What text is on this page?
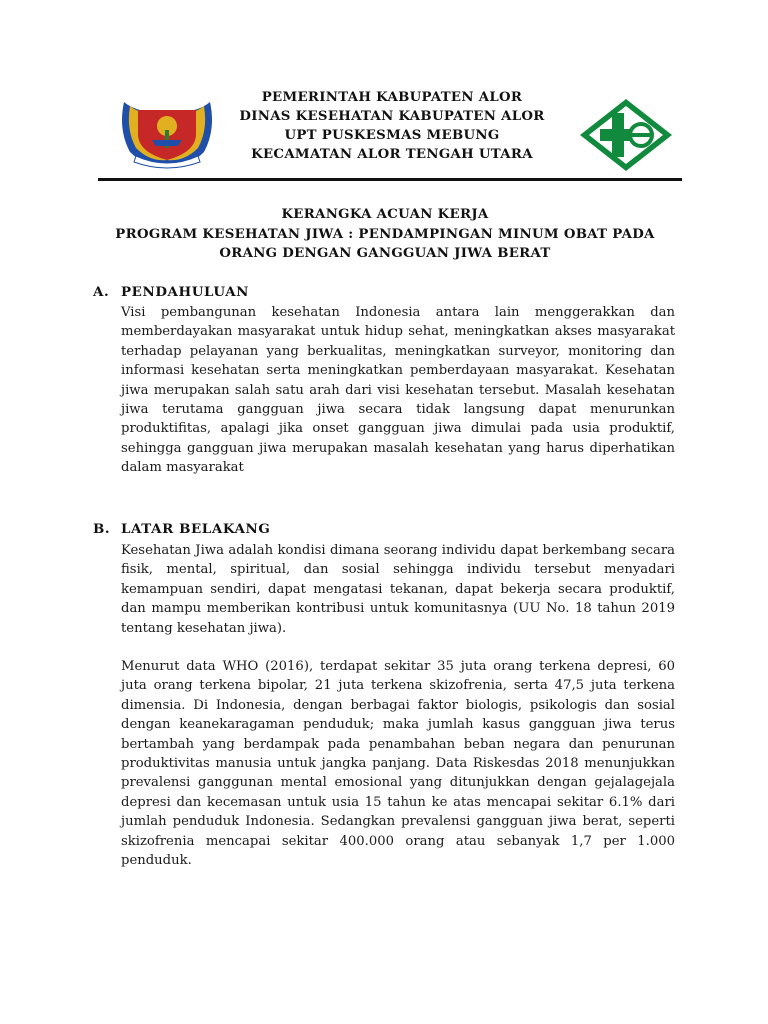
PEMERINTAH KABUPATEN ALOR
DINAS KESEHATAN KABUPATEN ALOR
UPT PUSKESMAS MEBUNG
KECAMATAN ALOR TENGAH UTARA
KERANGKA ACUAN KERJA
PROGRAM KESEHATAN JIWA : PENDAMPINGAN MINUM OBAT PADA
ORANG DENGAN GANGGUAN JIWA BERAT
A. PENDAHULUAN

Visi pembangunan kesehatan Indonesia antara lain menggerakkan dan memberdayakan masyarakat untuk hidup sehat, meningkatkan akses masyarakat terhadap pelayanan yang berkualitas, meningkatkan surveyor, monitoring dan informasi kesehatan serta meningkatkan pemberdayaan masyarakat. Kesehatan jiwa merupakan salah satu arah dari visi kesehatan tersebut. Masalah kesehatan jiwa terutama gangguan jiwa secara tidak langsung dapat menurunkan produktifitas, apalagi jika onset gangguan jiwa dimulai pada usia produktif, sehingga gangguan jiwa merupakan masalah kesehatan yang harus diperhatikan dalam masyarakat

B. LATAR BELAKANG

Kesehatan Jiwa adalah kondisi dimana seorang individu dapat berkembang secara fisik, mental, spiritual, dan sosial sehingga individu tersebut menyadari kemampuan sendiri, dapat mengatasi tekanan, dapat bekerja secara produktif, dan mampu memberikan kontribusi untuk komunitasnya (UU No. 18 tahun 2019 tentang kesehatan jiwa).

Menurut data WHO (2016), terdapat sekitar 35 juta orang terkena depresi, 60 juta orang terkena bipolar, 21 juta terkena skizofrenia, serta 47,5 juta terkena dimensia. Di Indonesia, dengan berbagai faktor biologis, psikologis dan sosial dengan keanekaragaman penduduk; maka jumlah kasus gangguan jiwa terus bertambah yang berdampak pada penambahan beban negara dan penurunan produktivitas manusia untuk jangka panjang. Data Riskesdas 2018 menunjukkan prevalensi ganggunan mental emosional yang ditunjukkan dengan gejalagejala depresi dan kecemasan untuk usia 15 tahun ke atas mencapai sekitar 6.1% dari jumlah penduduk Indonesia. Sedangkan prevalensi gangguan jiwa berat, seperti skizofrenia mencapai sekitar 400.000 orang atau sebanyak 1,7 per 1.000 penduduk.
